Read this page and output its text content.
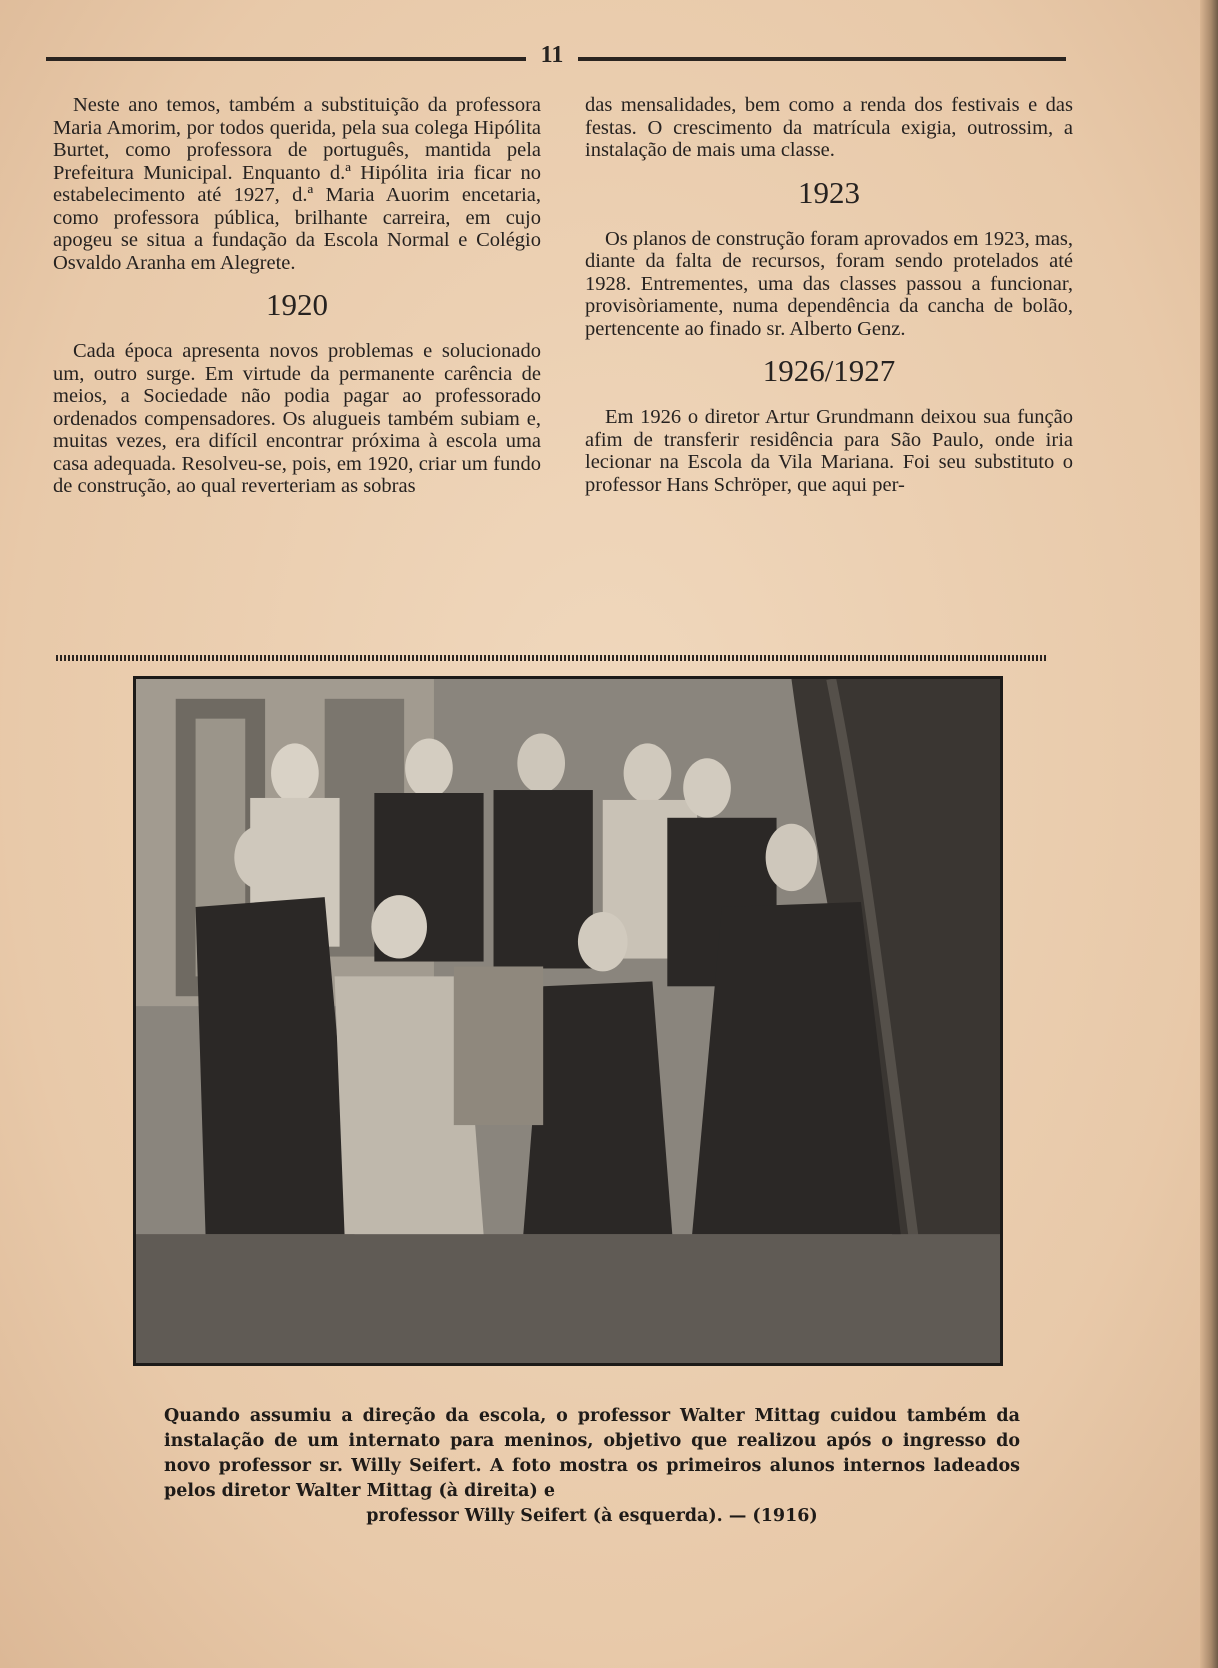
11

Neste ano temos, também a substituição da professora Maria Amorim, por todos querida, pela sua colega Hipólita Burtet, como professora de português, mantida pela Prefeitura Municipal. Enquanto d.ª Hipólita iria ficar no estabelecimento até 1927, d.ª Maria Auorim encetaria, como professora pública, brilhante carreira, em cujo apogeu se situa a fundação da Escola Normal e Colégio Osvaldo Aranha em Alegrete.

1920

Cada época apresenta novos problemas e solucionado um, outro surge. Em virtude da permanente carência de meios, a Sociedade não podia pagar ao professorado ordenados compensadores. Os alugueis também subiam e, muitas vezes, era difícil encontrar próxima à escola uma casa adequada. Resolveu-se, pois, em 1920, criar um fundo de construção, ao qual reverteriam as sobras

das mensalidades, bem como a renda dos festivais e das festas. O crescimento da matrícula exigia, outrossim, a instalação de mais uma classe.

1923

Os planos de construção foram aprovados em 1923, mas, diante da falta de recursos, foram sendo protelados até 1928. Entrementes, uma das classes passou a funcionar, provisòriamente, numa dependência da cancha de bolão, pertencente ao finado sr. Alberto Genz.

1926/1927

Em 1926 o diretor Artur Grundmann deixou sua função afim de transferir residência para São Paulo, onde iria lecionar na Escola da Vila Mariana. Foi seu substituto o professor Hans Schröper, que aqui per-

Quando assumiu a direção da escola, o professor Walter Mittag cuidou também da instalação de um internato para meninos, objetivo que realizou após o ingresso do novo professor sr. Willy Seifert. A foto mostra os primeiros alunos internos ladeados pelos diretor Walter Mittag (à direita) e
professor Willy Seifert (à esquerda). — (1916)
